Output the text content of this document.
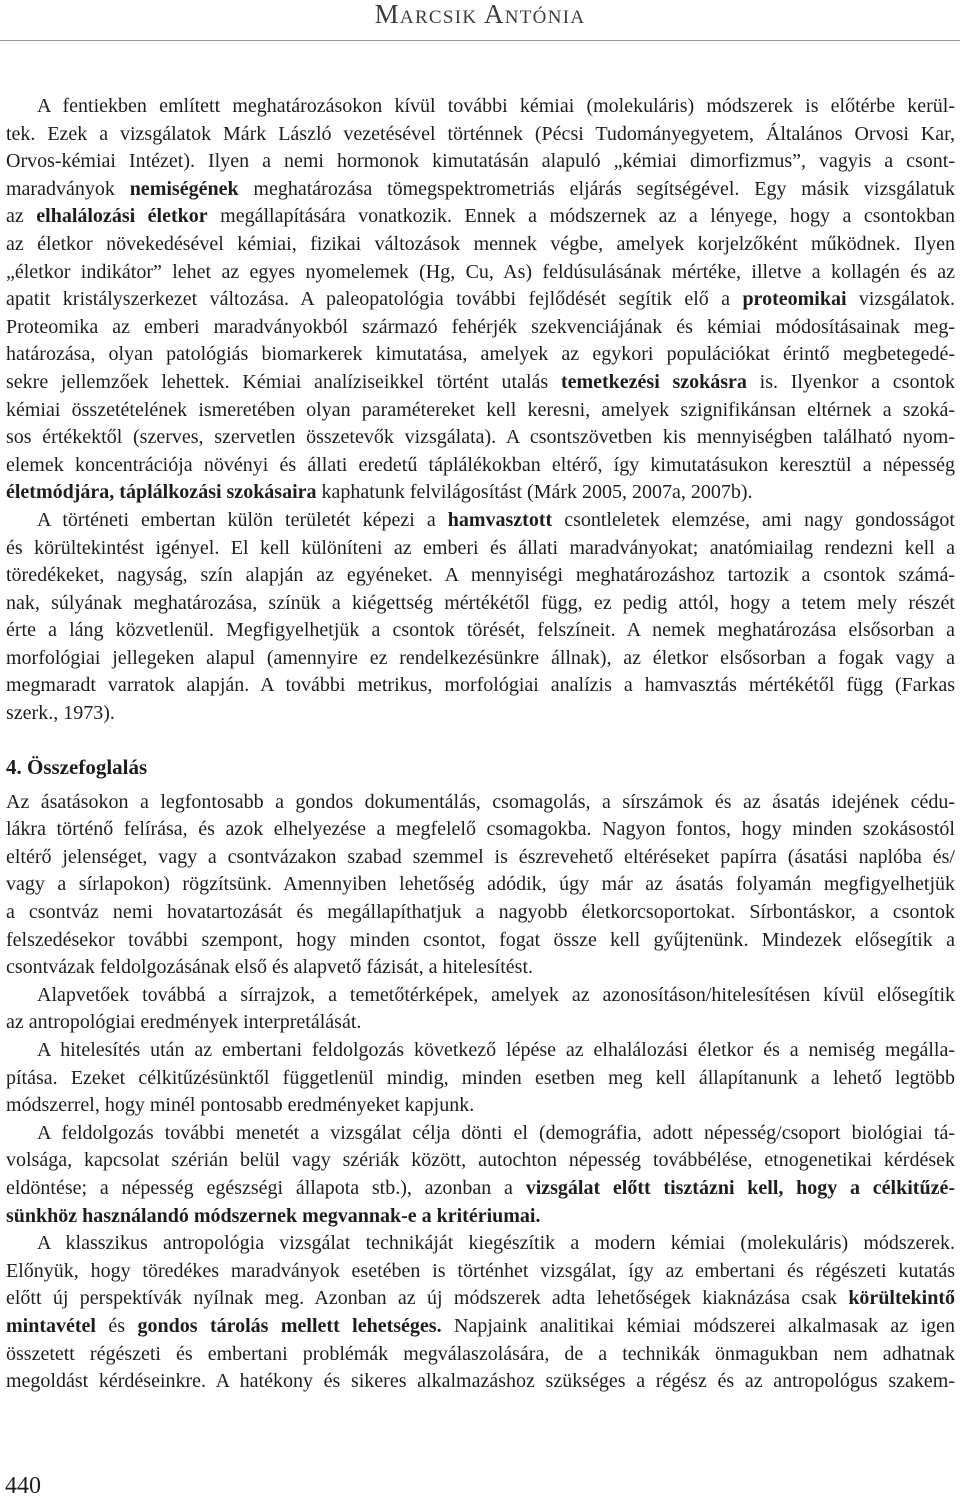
Marcsik Antónia
A fentiekben említett meghatározásokon kívül további kémiai (molekuláris) módszerek is előtérbe kerül-
tek. Ezek a vizsgálatok Márk László vezetésével történnek (Pécsi Tudományegyetem, Általános Orvosi Kar,
Orvos-kémiai Intézet). Ilyen a nemi hormonok kimutatásán alapuló „kémiai dimorfizmus”, vagyis a csont-
maradványok nemiségének meghatározása tömegspektrometriás eljárás segítségével. Egy másik vizsgálatuk
az elhalálozási életkor megállapítására vonatkozik. Ennek a módszernek az a lényege, hogy a csontokban
az életkor növekedésével kémiai, fizikai változások mennek végbe, amelyek korjelzőként működnek. Ilyen
„életkor indikátor” lehet az egyes nyomelemek (Hg, Cu, As) feldúsulásának mértéke, illetve a kollagén és az
apatit kristályszerkezet változása. A paleopatológia további fejlődését segítik elő a proteomikai vizsgálatok.
Proteomika az emberi maradványokból származó fehérjék szekvenciájának és kémiai módosításainak meg-
határozása, olyan patológiás biomarkerek kimutatása, amelyek az egykori populációkat érintő megbetegedé-
sekre jellemzőek lehettek. Kémiai analíziseikkel történt utalás temetkezési szokásra is. Ilyenkor a csontok
kémiai összetételének ismeretében olyan paramétereket kell keresni, amelyek szignifikánsan eltérnek a szoká-
sos értékektől (szerves, szervetlen összetevők vizsgálata). A csontszövetben kis mennyiségben található nyom-
elemek koncentrációja növényi és állati eredetű táplálékokban eltérő, így kimutatásukon keresztül a népesség
életmódjára, táplálkozási szokásaira kaphatunk felvilágosítást (Márk 2005, 2007a, 2007b).
A történeti embertan külön területét képezi a hamvasztott csontleletek elemzése, ami nagy gondosságot
és körültekintést igényel. El kell különíteni az emberi és állati maradványokat; anatómiailag rendezni kell a
töredékeket, nagyság, szín alapján az egyéneket. A mennyiségi meghatározáshoz tartozik a csontok számá-
nak, súlyának meghatározása, színük a kiégettség mértékétől függ, ez pedig attól, hogy a tetem mely részét
érte a láng közvetlenül. Megfigyelhetjük a csontok törését, felszíneit. A nemek meghatározása elsősorban a
morfológiai jellegeken alapul (amennyire ez rendelkezésünkre állnak), az életkor elsősorban a fogak vagy a
megmaradt varratok alapján. A további metrikus, morfológiai analízis a hamvasztás mértékétől függ (Farkas
szerk., 1973).
4. Összefoglalás
Az ásatásokon a legfontosabb a gondos dokumentálás, csomagolás, a sírszámok és az ásatás idejének cédu-
lákra történő felírása, és azok elhelyezése a megfelelő csomagokba. Nagyon fontos, hogy minden szokásostól
eltérő jelenséget, vagy a csontvázakon szabad szemmel is észrevehető eltéréseket papírra (ásatási naplóba és/
vagy a sírlapokon) rögzítsünk. Amennyiben lehetőség adódik, úgy már az ásatás folyamán megfigyelhetjük
a csontváz nemi hovatartozását és megállapíthatjuk a nagyobb életkorcsoportokat. Sírbontáskor, a csontok
felszedésekor további szempont, hogy minden csontot, fogat össze kell gyűjtenünk. Mindezek elősegítik a
csontvázak feldolgozásának első és alapvető fázisát, a hitelesítést.
Alapvetőek továbbá a sírrajzok, a temetőtérképek, amelyek az azonosításon/hitelesítésen kívül elősegítik
az antropológiai eredmények interpretálását.
A hitelesítés után az embertani feldolgozás következő lépése az elhalálozási életkor és a nemiség megálla-
pítása. Ezeket célkitűzésünktől függetlenül mindig, minden esetben meg kell állapítanunk a lehető legtöbb
módszerrel, hogy minél pontosabb eredményeket kapjunk.
A feldolgozás további menetét a vizsgálat célja dönti el (demográfia, adott népesség/csoport biológiai tá-
volsága, kapcsolat szérián belül vagy szériák között, autochton népesség továbbélése, etnogenetikai kérdések
eldöntése; a népesség egészségi állapota stb.), azonban a vizsgálat előtt tisztázni kell, hogy a célkitűzé-
sünkhöz használandó módszernek megvannak-e a kritériumai.
A klasszikus antropológia vizsgálat technikáját kiegészítik a modern kémiai (molekuláris) módszerek.
Előnyük, hogy töredékes maradványok esetében is történhet vizsgálat, így az embertani és régészeti kutatás
előtt új perspektívák nyílnak meg. Azonban az új módszerek adta lehetőségek kiaknázása csak körültekintő
mintavétel és gondos tárolás mellett lehetséges. Napjaink analitikai kémiai módszerei alkalmasak az igen
összetett régészeti és embertani problémák megválaszolására, de a technikák önmagukban nem adhatnak
megoldást kérdéseinkre. A hatékony és sikeres alkalmazáshoz szükséges a régész és az antropológus szakem-
440
